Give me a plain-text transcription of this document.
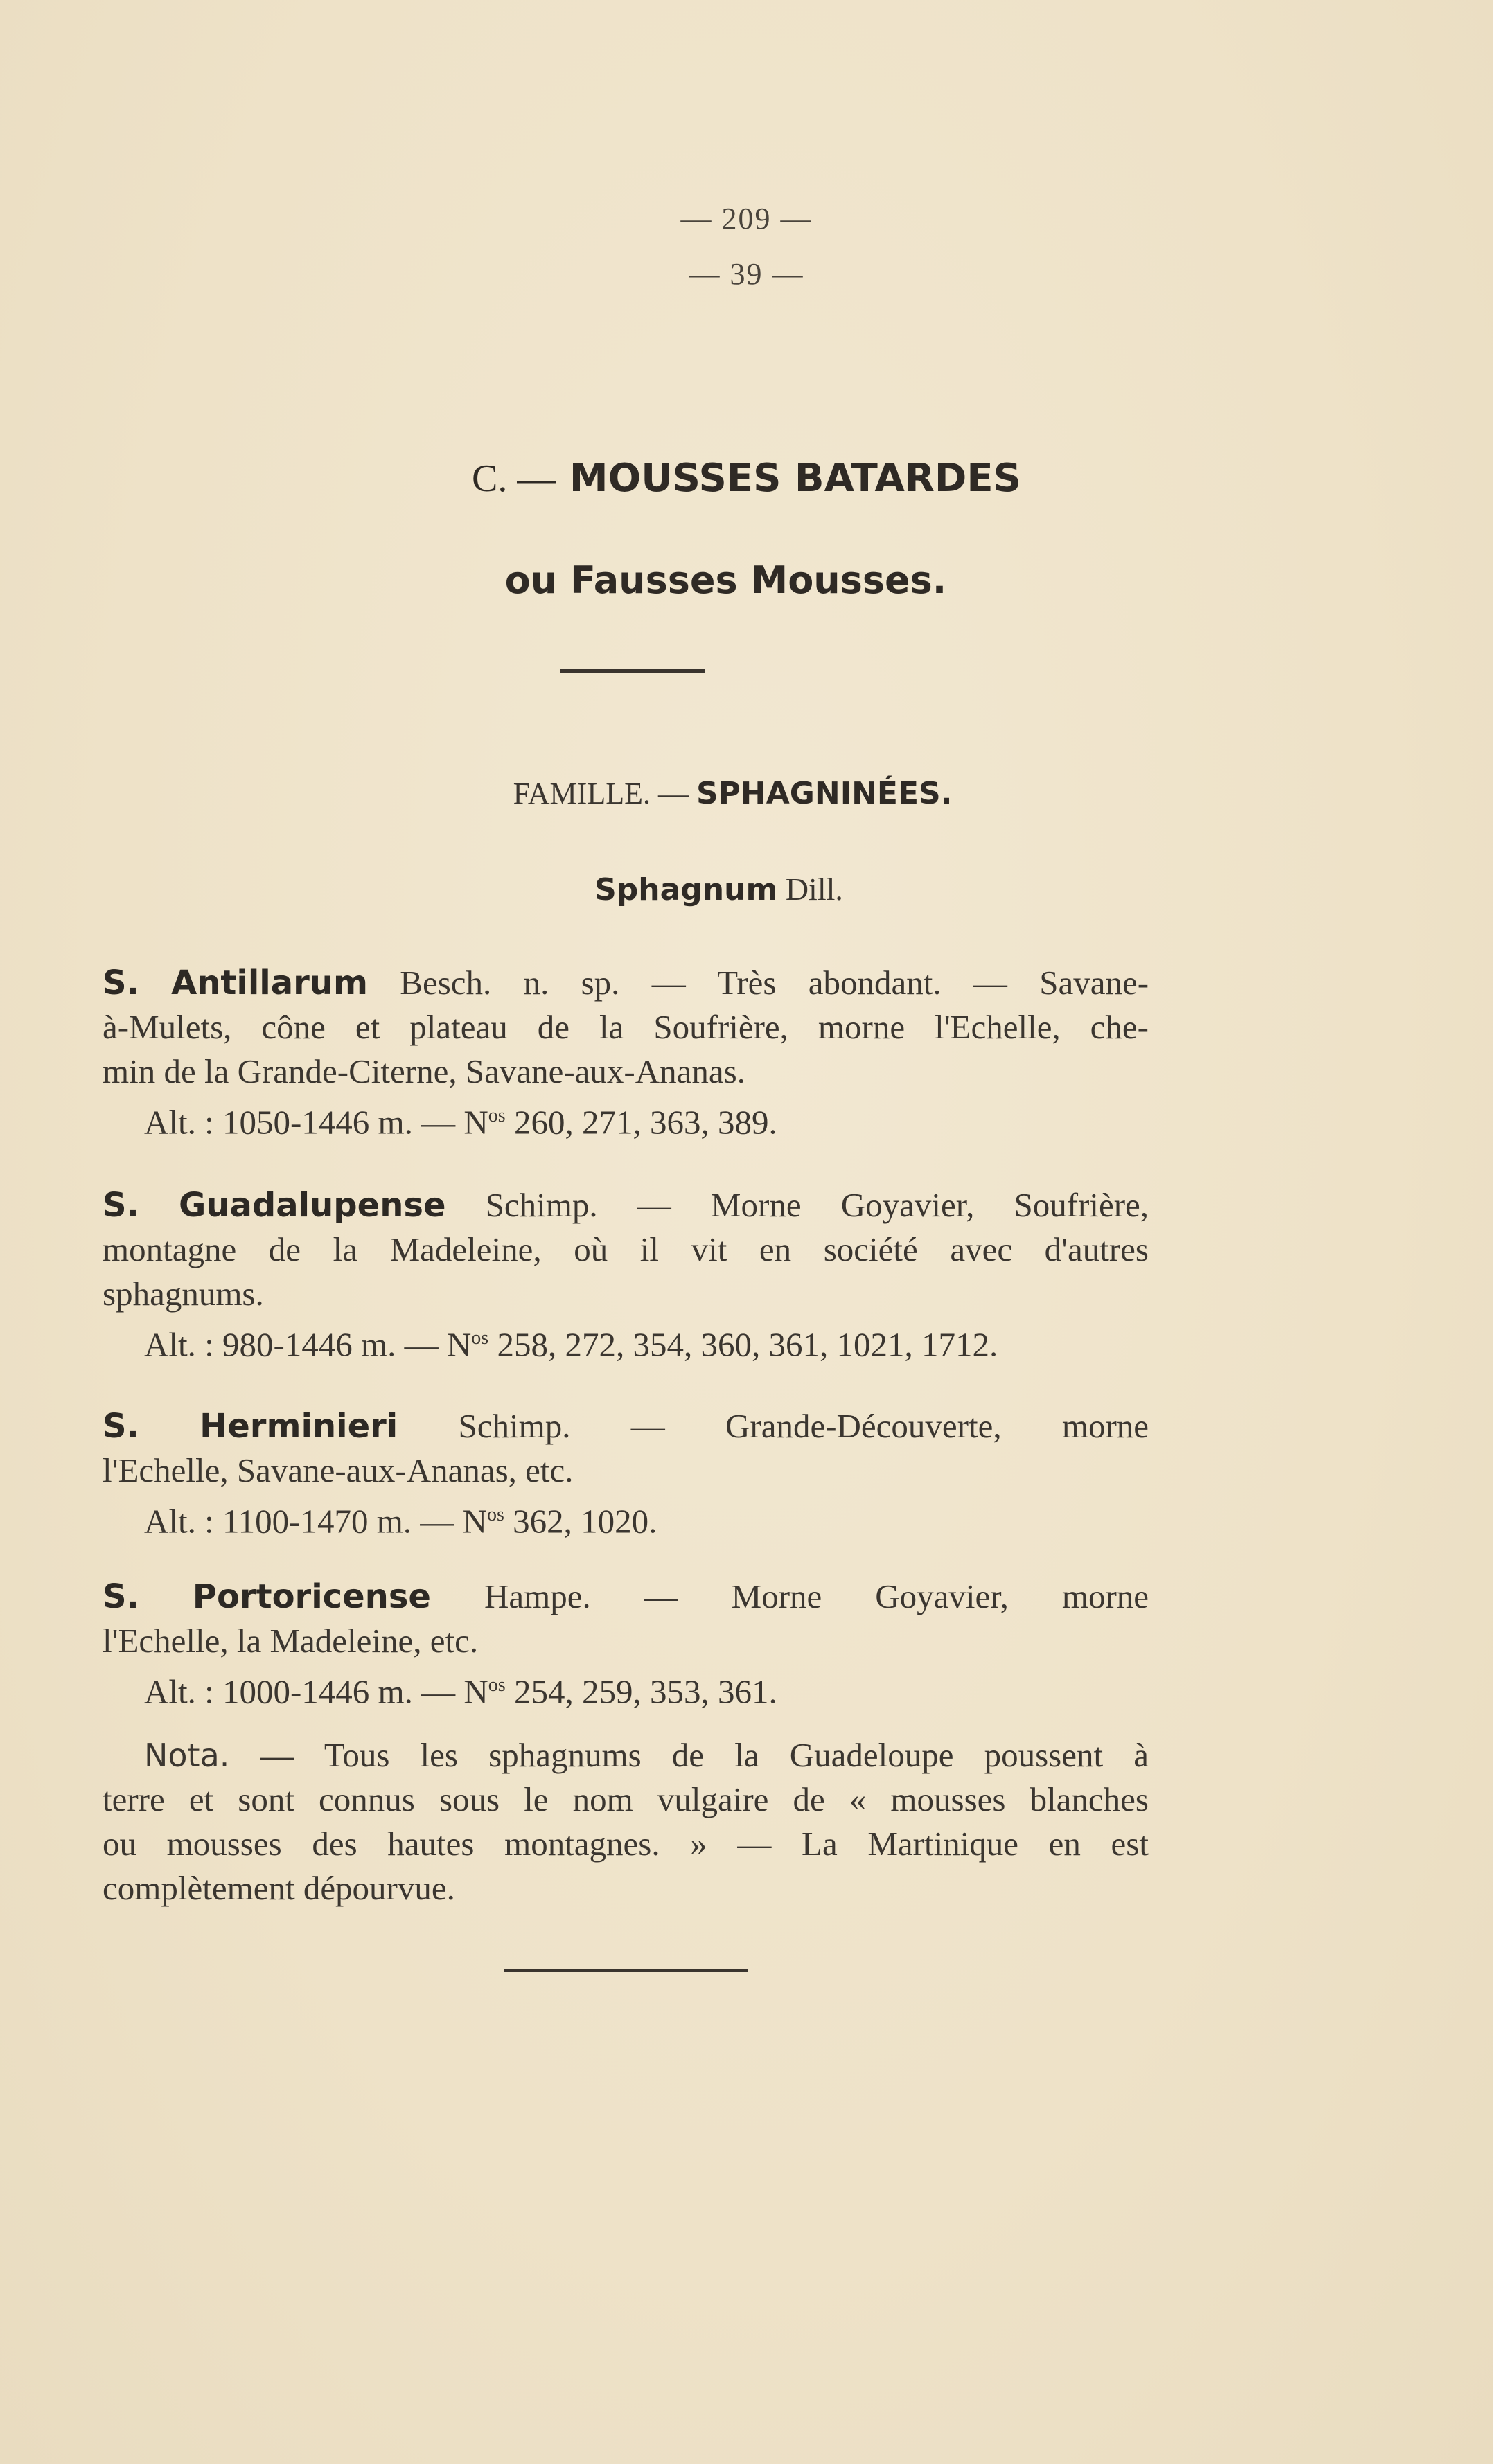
— 209 —
— 39 —
C. — MOUSSES BATARDES
ou Fausses Mousses.
FAMILLE. — SPHAGNINÉES.
Sphagnum Dill.
S. Antillarum Besch. n. sp. — Très abondant. — Savane-
à-Mulets, cône et plateau de la Soufrière, morne l'Echelle, che-
min de la Grande-Citerne, Savane-aux-Ananas.
Alt. : 1050-1446 m. — $N^{os}$ 260, 271, 363, 389.
S. Guadalupense Schimp. — Morne Goyavier, Soufrière,
montagne de la Madeleine, où il vit en société avec d'autres
sphagnums.
Alt. : 980-1446 m. — $N^{os}$ 258, 272, 354, 360, 361, 1021, 1712.
S. Herminieri Schimp. — Grande-Découverte, morne
l'Echelle, Savane-aux-Ananas, etc.
Alt. : 1100-1470 m. — $N^{os}$ 362, 1020.
S. Portoricense Hampe. — Morne Goyavier, morne
l'Echelle, la Madeleine, etc.
Alt. : 1000-1446 m. — $N^{os}$ 254, 259, 353, 361.
Nota. — Tous les sphagnums de la Guadeloupe poussent à
terre et sont connus sous le nom vulgaire de « mousses blanches
ou mousses des hautes montagnes. » — La Martinique en est
complètement dépourvue.
